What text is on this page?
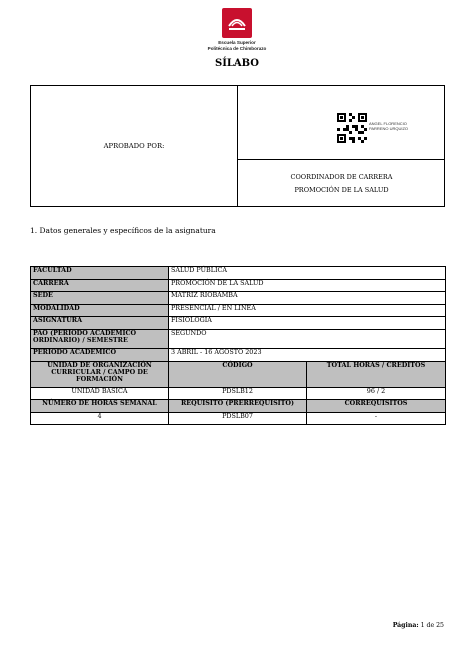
Escuela Superior
Politécnica de Chimborazo
SÍLABO
APROBADO POR:
ANGEL FLORENCIO
PARRENO URQUIZO
COORDINADOR DE CARRERA
PROMOCIÓN DE LA SALUD
1. Datos generales y específicos de la asignatura
FACULTAD	SALUD PÚBLICA	
CARRERA	PROMOCIÓN DE LA SALUD	
SEDE	MATRIZ RIOBAMBA	
MODALIDAD	PRESENCIAL / EN LÍNEA	
ASIGNATURA	FISIOLOGÍA	
PAO (PERIODO ACADÉMICO ORDINARIO) / SEMESTRE	SEGUNDO	
PERÍODO ACADÉMICO	3 ABRIL - 16 AGOSTO 2023	
UNIDAD DE ORGANIZACIÓN CURRICULAR / CAMPO DE FORMACIÓN	CÓDIGO	TOTAL HORAS / CRÉDITOS
UNIDAD BASICA	PDSLB12	96 / 2
NÚMERO DE HORAS SEMANAL	REQUISITO (PRERREQUISITO)	CORREQUISITOS
4	PDSLB07	-
Página: 1 de 25
